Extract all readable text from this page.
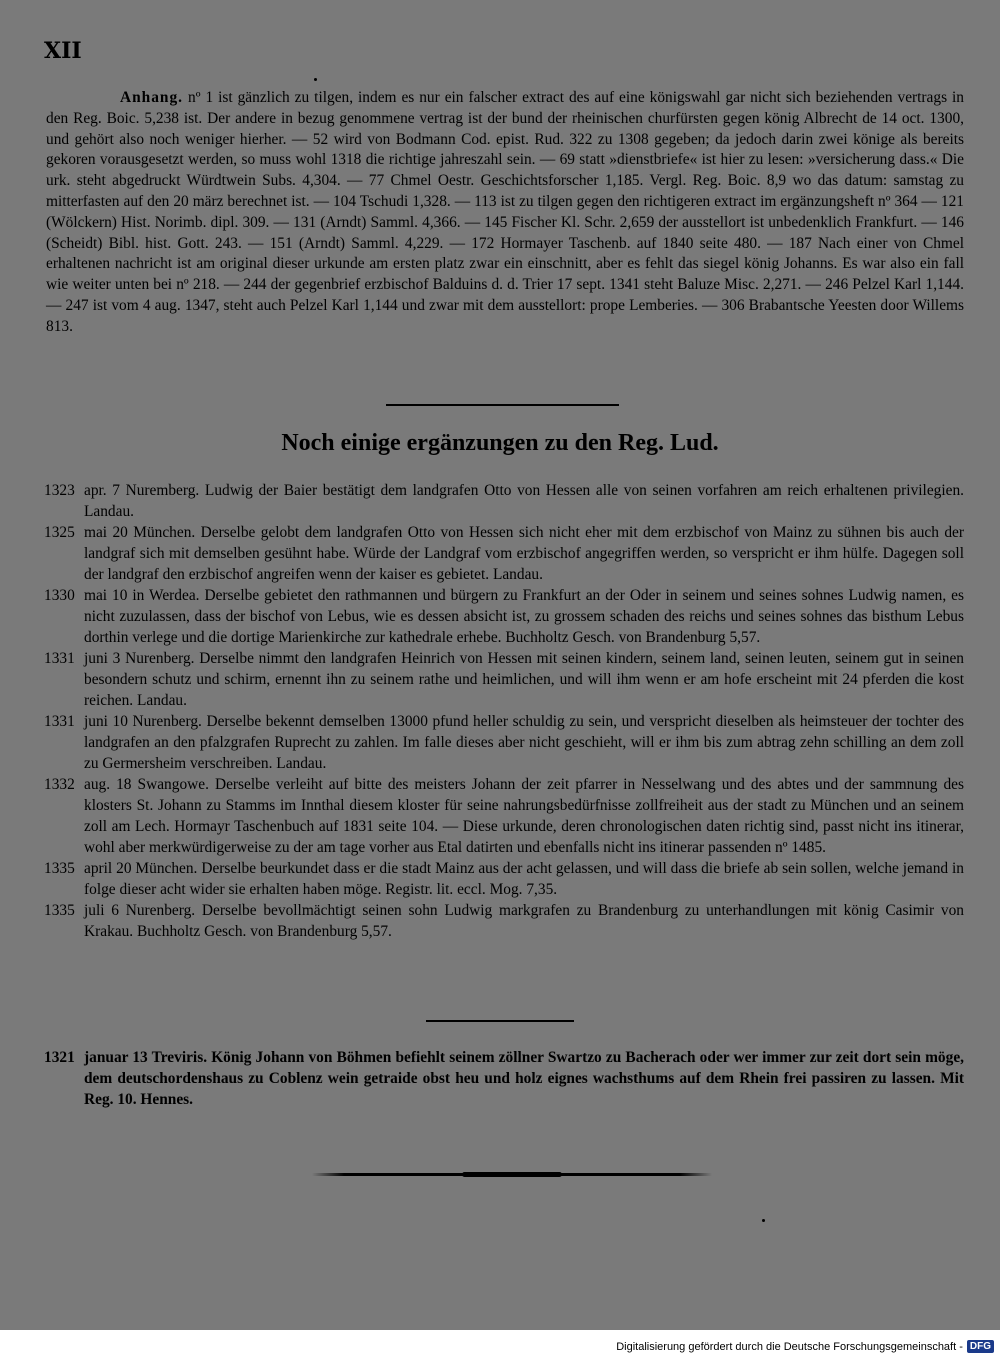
XII
Anhang. nº 1 ist gänzlich zu tilgen, indem es nur ein falscher extract des auf eine königswahl gar nicht sich beziehenden vertrags in den Reg. Boic. 5,238 ist. Der andere in bezug genommene vertrag ist der bund der rheinischen churfürsten gegen könig Albrecht de 14 oct. 1300, und gehört also noch weniger hierher. — 52 wird von Bodmann Cod. epist. Rud. 322 zu 1308 gegeben; da jedoch darin zwei könige als bereits gekoren vorausgesetzt werden, so muss wohl 1318 die richtige jahreszahl sein. — 69 statt »dienstbriefe« ist hier zu lesen: »versicherung dass.« Die urk. steht abgedruckt Würdtwein Subs. 4,304. — 77 Chmel Oestr. Geschichtsforscher 1,185. Vergl. Reg. Boic. 8,9 wo das datum: samstag zu mitterfasten auf den 20 märz berechnet ist. — 104 Tschudi 1,328. — 113 ist zu tilgen gegen den richtigeren extract im ergänzungsheft nº 364 — 121 (Wölckern) Hist. Norimb. dipl. 309. — 131 (Arndt) Samml. 4,366. — 145 Fischer Kl. Schr. 2,659 der ausstellort ist unbedenklich Frankfurt. — 146 (Scheidt) Bibl. hist. Gott. 243. — 151 (Arndt) Samml. 4,229. — 172 Hormayer Taschenb. auf 1840 seite 480. — 187 Nach einer von Chmel erhaltenen nachricht ist am original dieser urkunde am ersten platz zwar ein einschnitt, aber es fehlt das siegel könig Johanns. Es war also ein fall wie weiter unten bei nº 218. — 244 der gegenbrief erzbischof Balduins d. d. Trier 17 sept. 1341 steht Baluze Misc. 2,271. — 246 Pelzel Karl 1,144. — 247 ist vom 4 aug. 1347, steht auch Pelzel Karl 1,144 und zwar mit dem ausstellort: prope Lemberies. — 306 Brabantsche Yeesten door Willems 813.
Noch einige ergänzungen zu den Reg. Lud.
1323 apr. 7 Nuremberg. Ludwig der Baier bestätigt dem landgrafen Otto von Hessen alle von seinen vorfahren am reich erhaltenen privilegien. Landau.
1325 mai 20 München. Derselbe gelobt dem landgrafen Otto von Hessen sich nicht eher mit dem erzbischof von Mainz zu sühnen bis auch der landgraf sich mit demselben gesühnt habe. Würde der Landgraf vom erzbischof angegriffen werden, so verspricht er ihm hülfe. Dagegen soll der landgraf den erzbischof angreifen wenn der kaiser es gebietet. Landau.
1330 mai 10 in Werdea. Derselbe gebietet den rathmannen und bürgern zu Frankfurt an der Oder in seinem und seines sohnes Ludwig namen, es nicht zuzulassen, dass der bischof von Lebus, wie es dessen absicht ist, zu grossem schaden des reichs und seines sohnes das bisthum Lebus dorthin verlege und die dortige Marienkirche zur kathedrale erhebe. Buchholtz Gesch. von Brandenburg 5,57.
1331 juni 3 Nurenberg. Derselbe nimmt den landgrafen Heinrich von Hessen mit seinen kindern, seinem land, seinen leuten, seinem gut in seinen besondern schutz und schirm, ernennt ihn zu seinem rathe und heimlichen, und will ihm wenn er am hofe erscheint mit 24 pferden die kost reichen. Landau.
1331 juni 10 Nurenberg. Derselbe bekennt demselben 13000 pfund heller schuldig zu sein, und verspricht dieselben als heimsteuer der tochter des landgrafen an den pfalzgrafen Ruprecht zu zahlen. Im falle dieses aber nicht geschieht, will er ihm bis zum abtrag zehn schilling an dem zoll zu Germersheim verschreiben. Landau.
1332 aug. 18 Swangowe. Derselbe verleiht auf bitte des meisters Johann der zeit pfarrer in Nesselwang und des abtes und der sammnung des klosters St. Johann zu Stamms im Innthal diesem kloster für seine nahrungsbedürfnisse zollfreiheit aus der stadt zu München und an seinem zoll am Lech. Hormayr Taschenbuch auf 1831 seite 104. — Diese urkunde, deren chronologischen daten richtig sind, passt nicht ins itinerar, wohl aber merkwürdigerweise zu der am tage vorher aus Etal datirten und ebenfalls nicht ins itinerar passenden nº 1485.
1335 april 20 München. Derselbe beurkundet dass er die stadt Mainz aus der acht gelassen, und will dass die briefe ab sein sollen, welche jemand in folge dieser acht wider sie erhalten haben möge. Registr. lit. eccl. Mog. 7,35.
1335 juli 6 Nurenberg. Derselbe bevollmächtigt seinen sohn Ludwig markgrafen zu Brandenburg zu unterhandlungen mit könig Casimir von Krakau. Buchholtz Gesch. von Brandenburg 5,57.
1321 januar 13 Treviris. König Johann von Böhmen befiehlt seinem zöllner Swartzo zu Bacherach oder wer immer zur zeit dort sein möge, dem deutschordenshaus zu Coblenz wein getraide obst heu und holz eignes wachsthums auf dem Rhein frei passiren zu lassen. Mit Reg. 10. Hennes.
Digitalisierung gefördert durch die Deutsche Forschungsgemeinschaft - DFG
